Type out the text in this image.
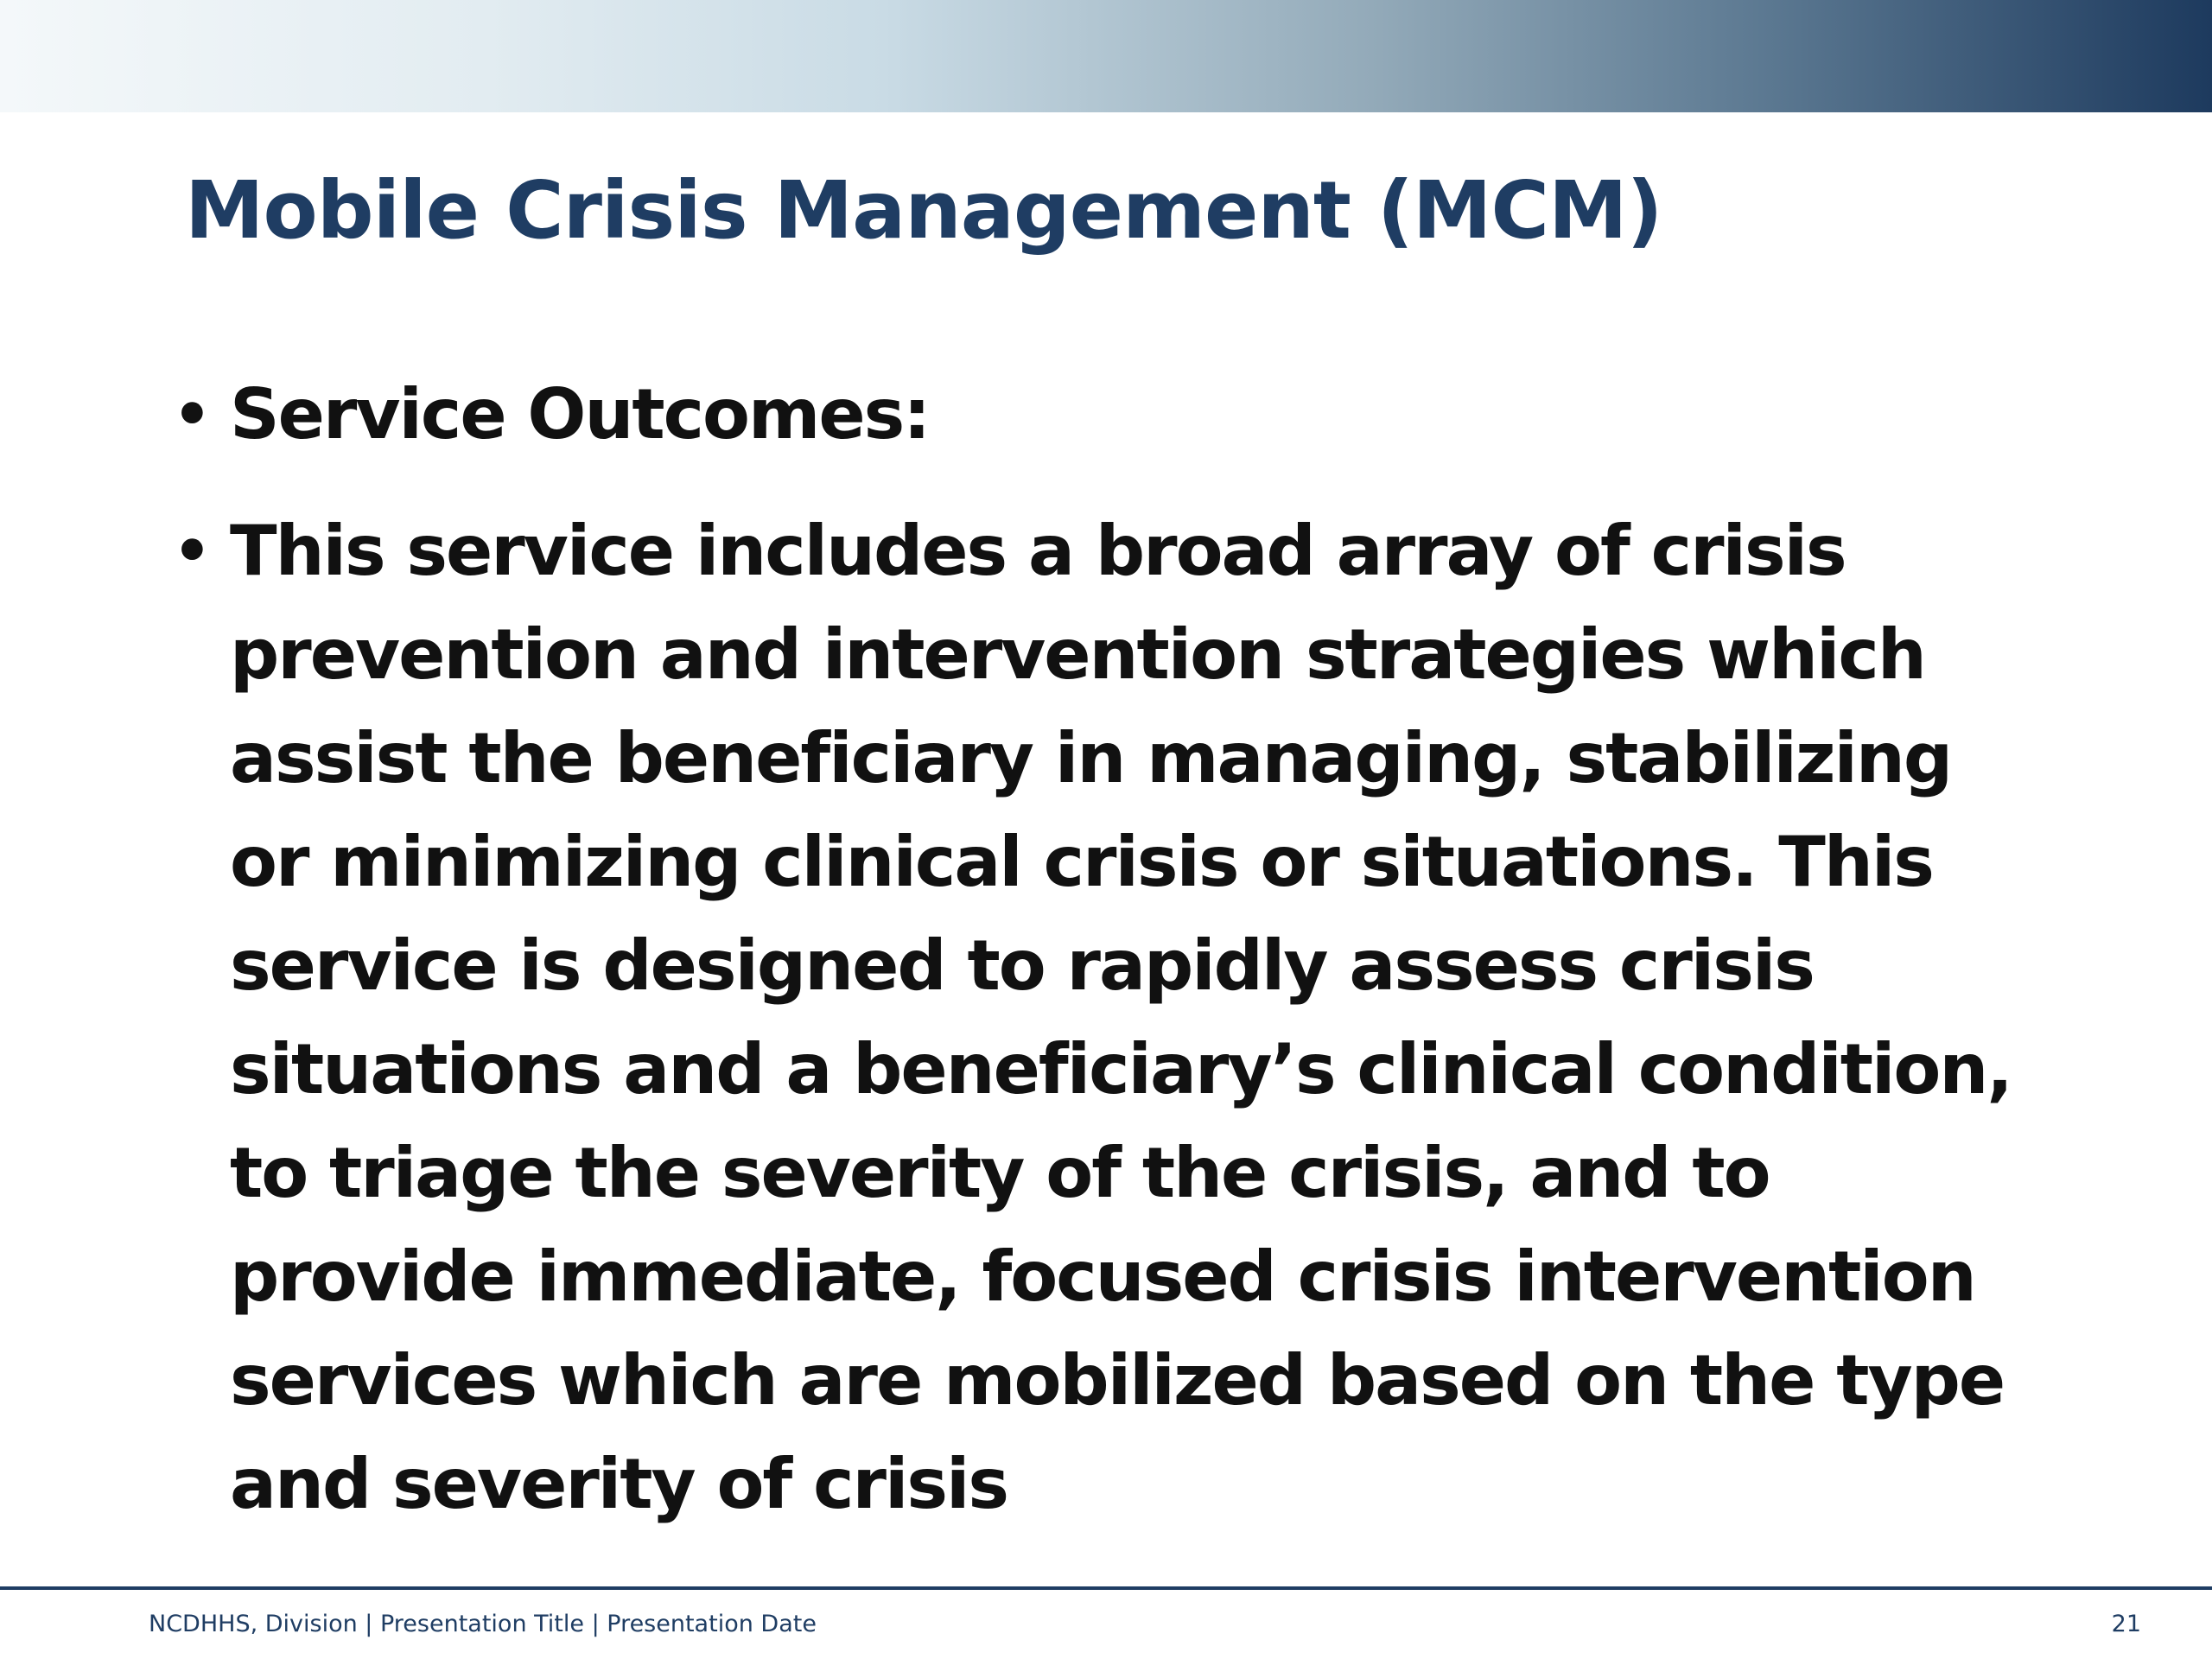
Mobile Crisis Management (MCM)
• Service Outcomes:
• This service includes a broad array of crisis prevention and intervention strategies which assist the beneficiary in managing, stabilizing or minimizing clinical crisis or situations. This service is designed to rapidly assess crisis situations and a beneficiary’s clinical condition, to triage the severity of the crisis, and to provide immediate, focused crisis intervention services which are mobilized based on the type and severity of crisis
NCDHHS, Division | Presentation Title | Presentation Date	21
